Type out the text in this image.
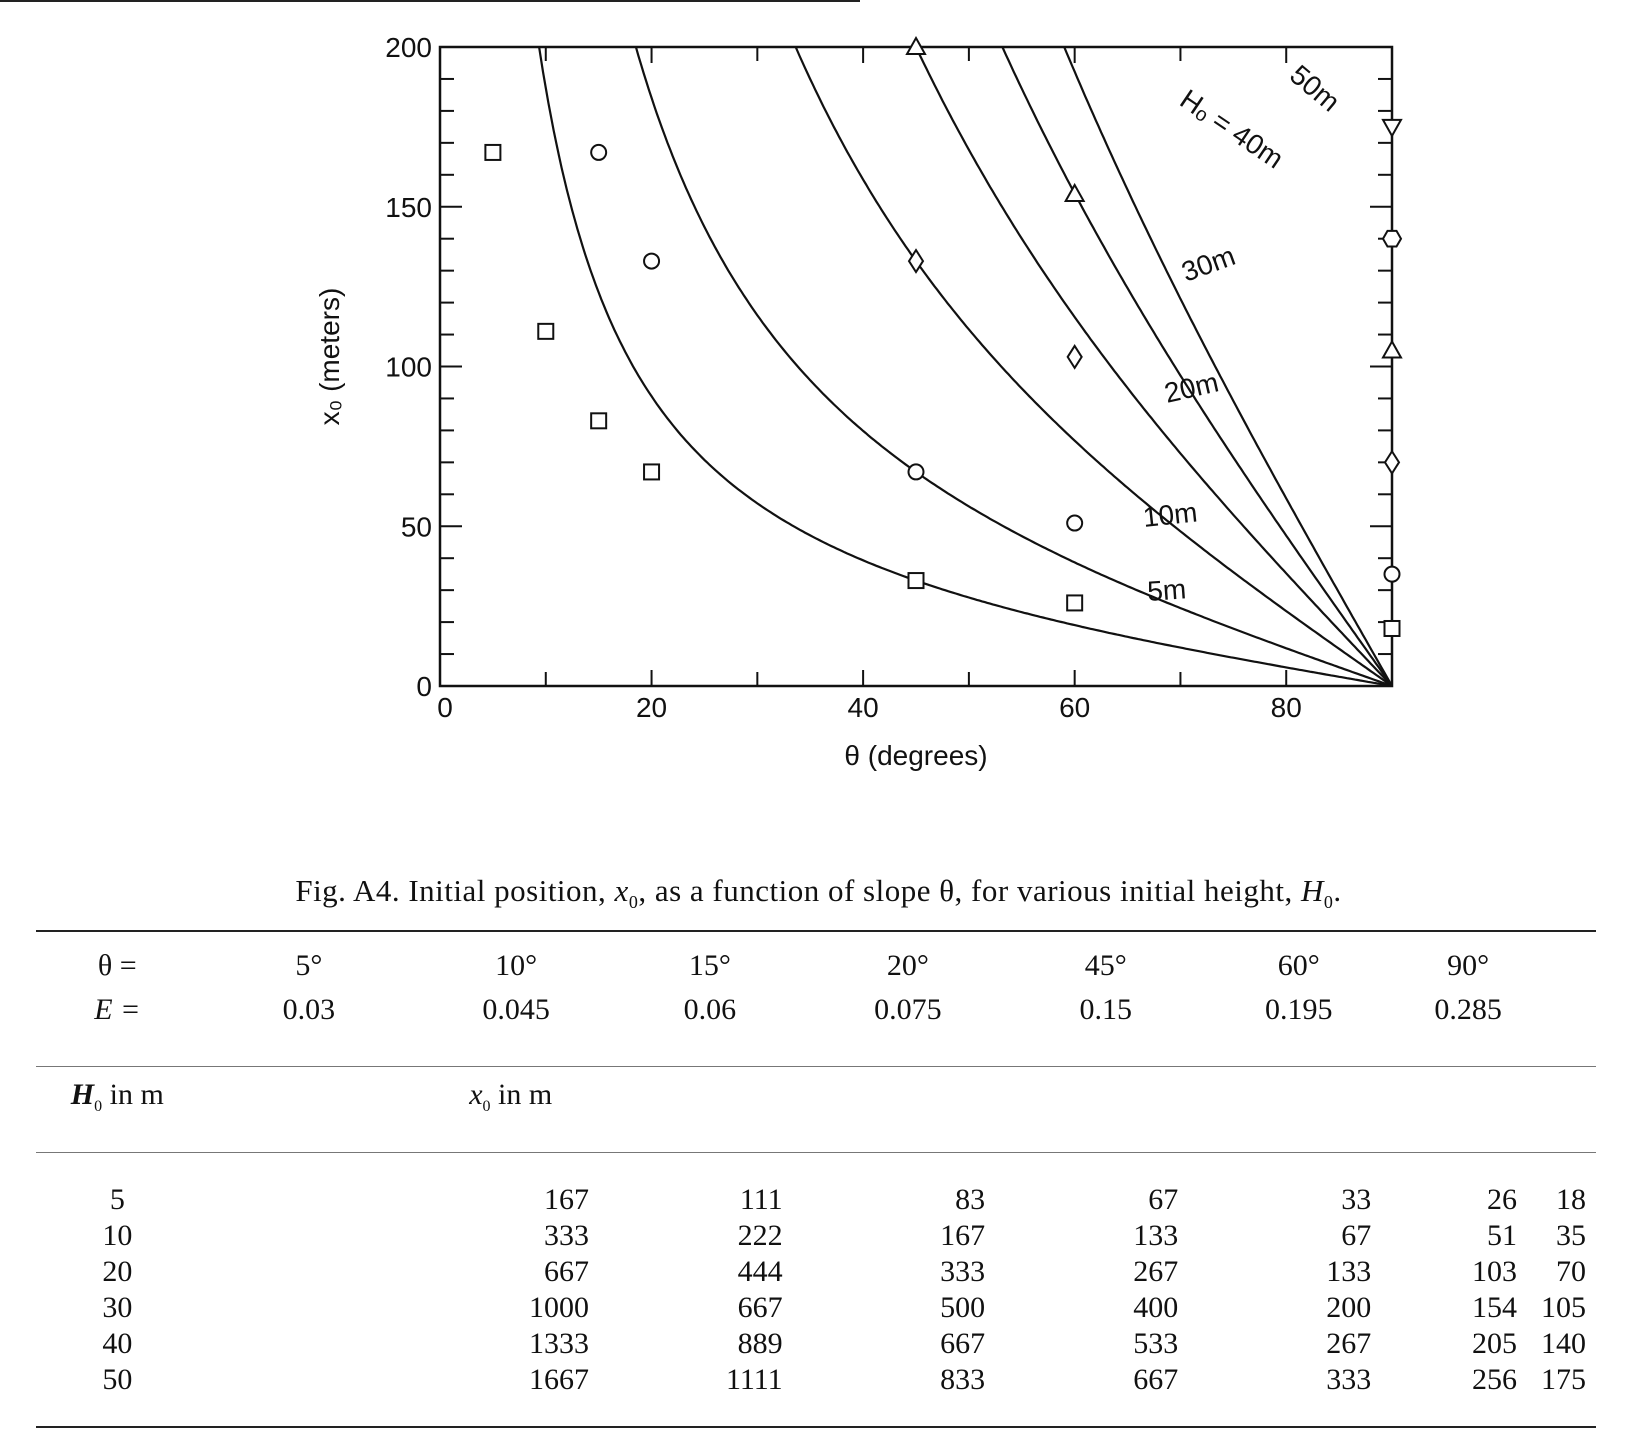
0	20	40	60	80
0
50
100
150
200
θ (degrees)
x₀ (meters)
5m
10m
20m
30m
Hₒ = 40m
50m
Fig. A4. Initial position, $x_0$, as a function of slope θ, for various initial height, $H_0$.
θ =	5°	10°	15°	20°	45°	60°	90°	
E =	0.03	0.045	0.06	0.075	0.15	0.195	0.285	
$H_0$ in m		$x_0$ in m						
5		167	111	83	67	33	26	18
10		333	222	167	133	67	51	35
20		667	444	333	267	133	103	70
30		1000	667	500	400	200	154	105
40		1333	889	667	533	267	205	140
50		1667	1111	833	667	333	256	175
